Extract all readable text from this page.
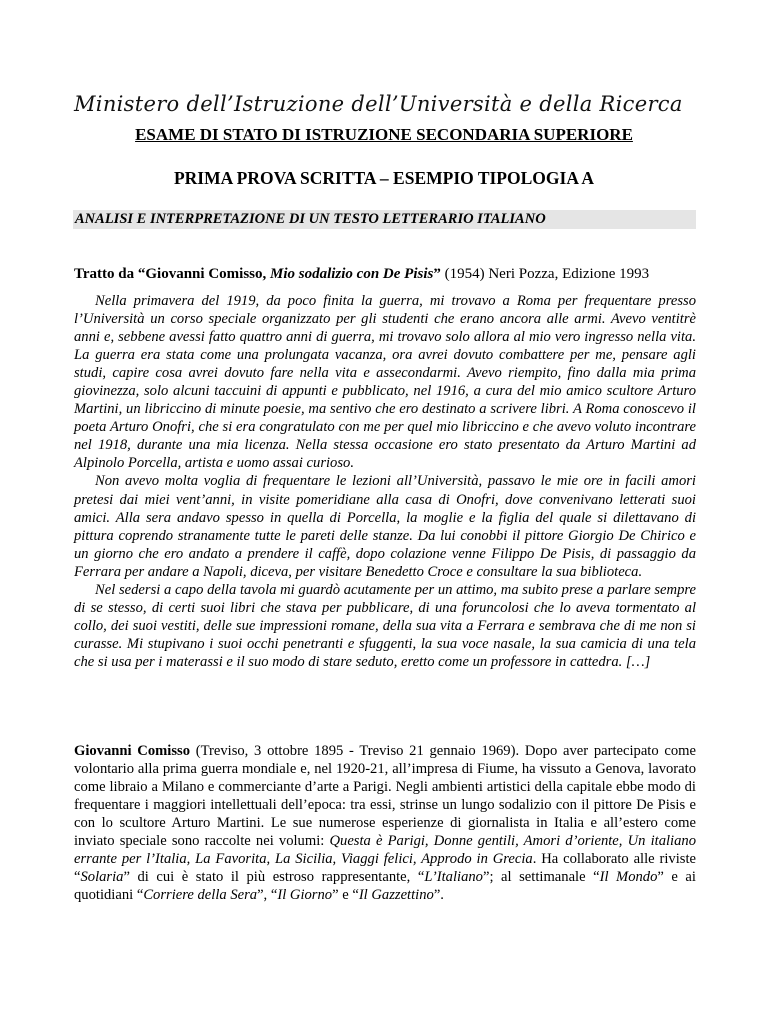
Ministero dell’Istruzione dell’Università e della Ricerca
ESAME DI STATO DI ISTRUZIONE SECONDARIA SUPERIORE
PRIMA PROVA SCRITTA – ESEMPIO TIPOLOGIA A
ANALISI E INTERPRETAZIONE DI UN TESTO LETTERARIO ITALIANO
Tratto da “Giovanni Comisso, Mio sodalizio con De Pisis” (1954) Neri Pozza, Edizione 1993

Nella primavera del 1919, da poco finita la guerra, mi trovavo a Roma per frequentare presso l’Università un corso speciale organizzato per gli studenti che erano ancora alle armi. Avevo ventitrè anni e, sebbene avessi fatto quattro anni di guerra, mi trovavo solo allora al mio vero ingresso nella vita. La guerra era stata come una prolungata vacanza, ora avrei dovuto combattere per me, pensare agli studi, capire cosa avrei dovuto fare nella vita e assecondarmi. Avevo riempito, fino dalla mia prima giovinezza, solo alcuni taccuini di appunti e pubblicato, nel 1916, a cura del mio amico scultore Arturo Martini, un libriccino di minute poesie, ma sentivo che ero destinato a scrivere libri. A Roma conoscevo il poeta Arturo Onofri, che si era congratulato con me per quel mio libriccino e che avevo voluto incontrare nel 1918, durante una mia licenza. Nella stessa occasione ero stato presentato da Arturo Martini ad Alpinolo Porcella, artista e uomo assai curioso.

Non avevo molta voglia di frequentare le lezioni all’Università, passavo le mie ore in facili amori pretesi dai miei vent’anni, in visite pomeridiane alla casa di Onofri, dove convenivano letterati suoi amici. Alla sera andavo spesso in quella di Porcella, la moglie e la figlia del quale si dilettavano di pittura coprendo stranamente tutte le pareti delle stanze. Da lui conobbi il pittore Giorgio De Chirico e un giorno che ero andato a prendere il caffè, dopo colazione venne Filippo De Pisis, di passaggio da Ferrara per andare a Napoli, diceva, per visitare Benedetto Croce e consultare la sua biblioteca.

Nel sedersi a capo della tavola mi guardò acutamente per un attimo, ma subito prese a parlare sempre di se stesso, di certi suoi libri che stava per pubblicare, di una foruncolosi che lo aveva tormentato al collo, dei suoi vestiti, delle sue impressioni romane, della sua vita a Ferrara e sembrava che di me non si curasse. Mi stupivano i suoi occhi penetranti e sfuggenti, la sua voce nasale, la sua camicia di una tela che si usa per i materassi e il suo modo di stare seduto, eretto come un professore in cattedra. […]

Giovanni Comisso (Treviso, 3 ottobre 1895 - Treviso 21 gennaio 1969). Dopo aver partecipato come volontario alla prima guerra mondiale e, nel 1920-21, all’impresa di Fiume, ha vissuto a Genova, lavorato come libraio a Milano e commerciante d’arte a Parigi. Negli ambienti artistici della capitale ebbe modo di frequentare i maggiori intellettuali dell’epoca: tra essi, strinse un lungo sodalizio con il pittore De Pisis e con lo scultore Arturo Martini. Le sue numerose esperienze di giornalista in Italia e all’estero come inviato speciale sono raccolte nei volumi: Questa è Parigi, Donne gentili, Amori d’oriente, Un italiano errante per l’Italia, La Favorita, La Sicilia, Viaggi felici, Approdo in Grecia. Ha collaborato alle riviste “Solaria” di cui è stato il più estroso rappresentante, “L’Italiano”; al settimanale “Il Mondo” e ai quotidiani “Corriere della Sera”, “Il Giorno” e “Il Gazzettino”.
